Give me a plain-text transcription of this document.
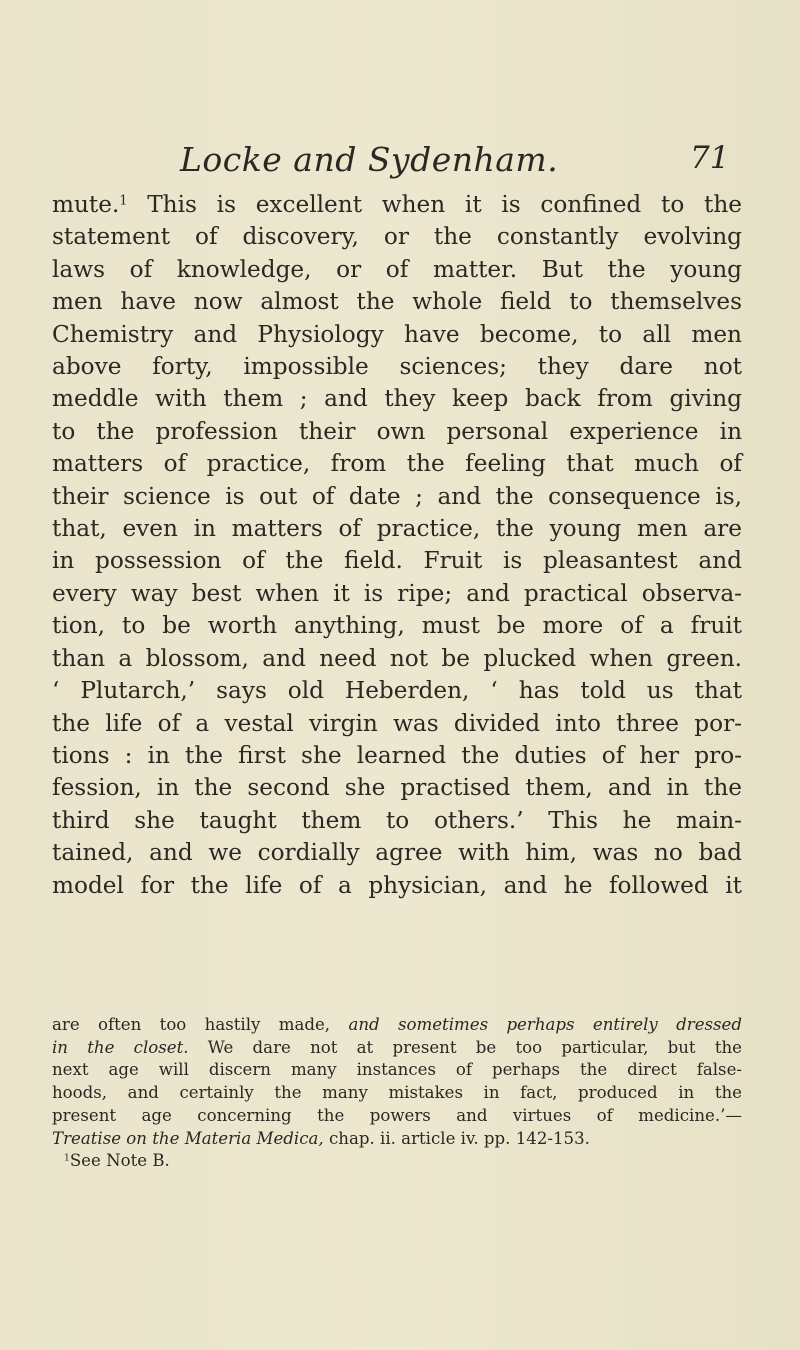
Locke and Sydenham.	71
mute.$^1$ This is excellent when it is confined to the
statement of discovery, or the constantly evolving
laws of knowledge, or of matter. But the young
men have now almost the whole field to themselves
Chemistry and Physiology have become, to all men
above forty, impossible sciences; they dare not
meddle with them ; and they keep back from giving
to the profession their own personal experience in
matters of practice, from the feeling that much of
their science is out of date ; and the consequence is,
that, even in matters of practice, the young men are
in possession of the field. Fruit is pleasantest and
every way best when it is ripe; and practical observa-
tion, to be worth anything, must be more of a fruit
than a blossom, and need not be plucked when green.
‘ Plutarch,’ says old Heberden, ‘ has told us that
the life of a vestal virgin was divided into three por-
tions : in the first she learned the duties of her pro-
fession, in the second she practised them, and in the
third she taught them to others.’ This he main-
tained, and we cordially agree with him, was no bad
model for the life of a physician, and he followed it
are often too hastily made, and sometimes perhaps entirely dressed
in the closet. We dare not at present be too particular, but the
next age will discern many instances of perhaps the direct false-
hoods, and certainly the many mistakes in fact, produced in the
present age concerning the powers and virtues of medicine.’—
Treatise on the Materia Medica, chap. ii. article iv. pp. 142-153.
$^1$See Note B.
